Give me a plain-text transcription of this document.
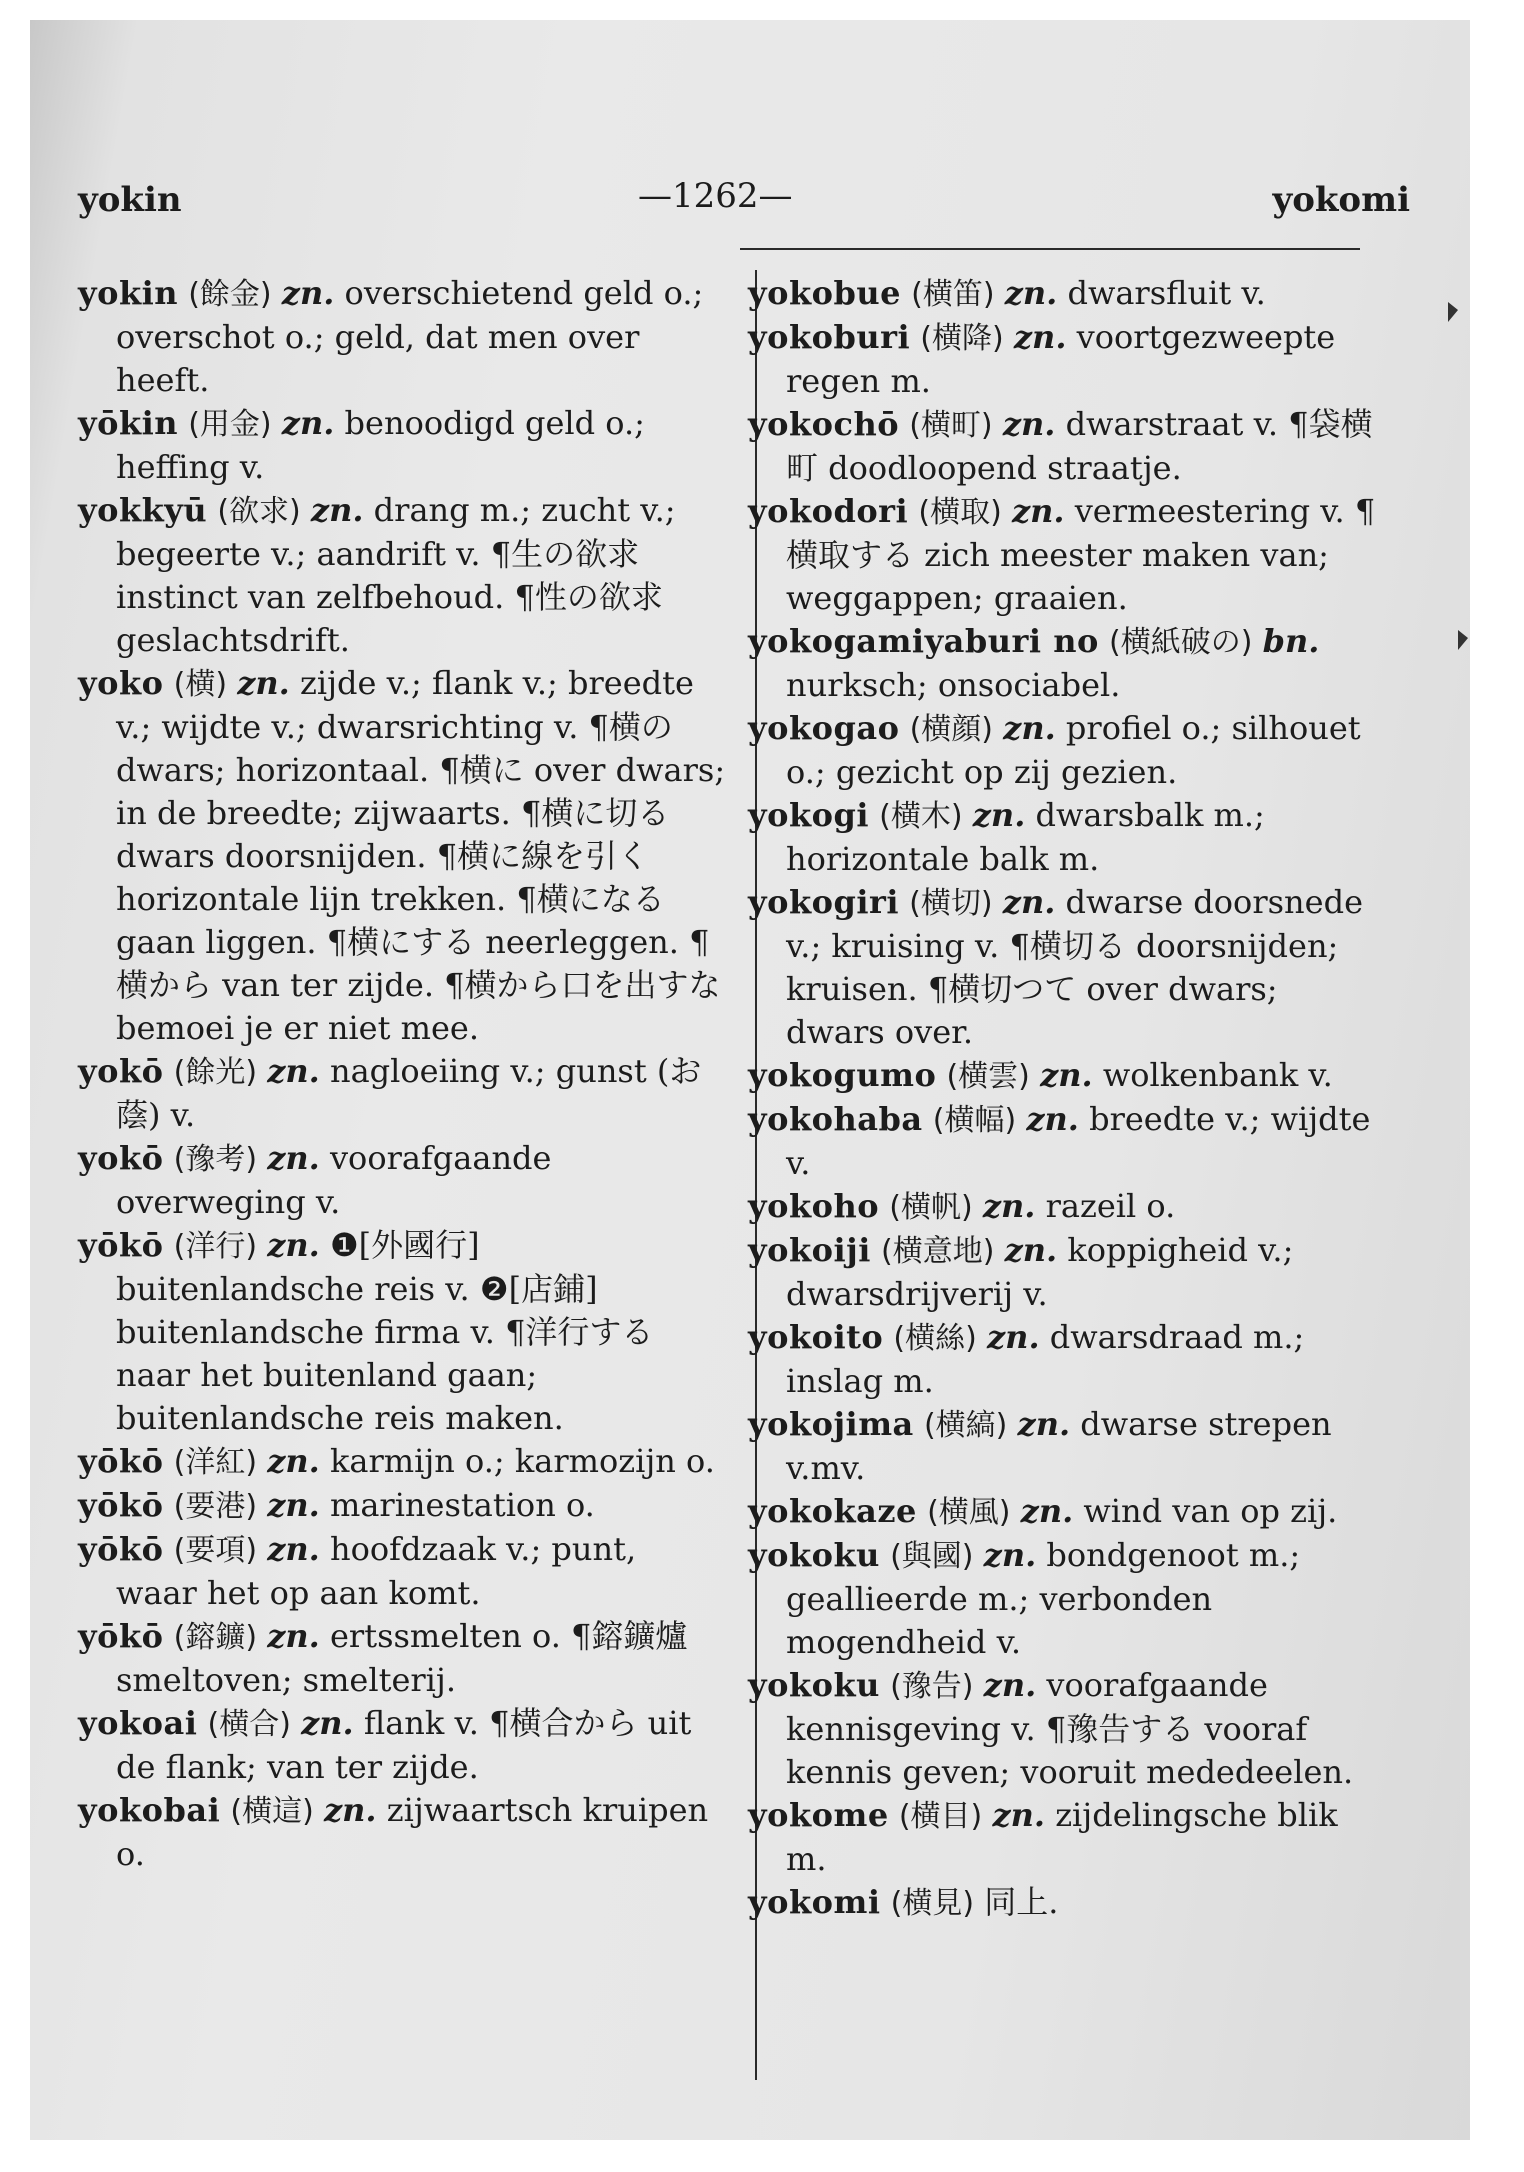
yokin	—1262—	yokomi

yokin (餘金) zn. overschietend geld o.; overschot o.; geld, dat men over heeft.

yōkin (用金) zn. benoodigd geld o.; heffing v.

yokkyū (欲求) zn. drang m.; zucht v.; begeerte v.; aandrift v. ¶生の欲求 instinct van zelfbehoud. ¶性の欲求 geslachtsdrift.

yoko (横) zn. zijde v.; flank v.; breedte v.; wijdte v.; dwarsrichting v. ¶横の dwars; horizontaal. ¶横に over dwars; in de breedte; zijwaarts. ¶横に切る dwars doorsnijden. ¶横に線を引く horizontale lijn trekken. ¶横になる gaan liggen. ¶横にする neerleggen. ¶横から van ter zijde. ¶横から口を出すな bemoei je er niet mee.

yokō (餘光) zn. nagloeiing v.; gunst (お蔭) v.

yokō (豫考) zn. voorafgaande overweging v.

yōkō (洋行) zn. ❶[外國行] buitenlandsche reis v. ❷[店鋪] buitenlandsche firma v. ¶洋行する naar het buitenland gaan; buitenlandsche reis maken.

yōkō (洋紅) zn. karmijn o.; karmozijn o.

yōkō (要港) zn. marinestation o.

yōkō (要項) zn. hoofdzaak v.; punt, waar het op aan komt.

yōkō (鎔鑛) zn. ertssmelten o. ¶鎔鑛爐 smeltoven; smelterij.

yokoai (横合) zn. flank v. ¶横合から uit de flank; van ter zijde.

yokobai (横這) zn. zijwaartsch kruipen o.

yokobue (横笛) zn. dwarsfluit v.

yokoburi (横降) zn. voortgezweepte regen m.

yokochō (横町) zn. dwarstraat v. ¶袋横町 doodloopend straatje.

yokodori (横取) zn. vermeestering v. ¶横取する zich meester maken van; weggappen; graaien.

yokogamiyaburi no (横紙破の) bn. nurksch; onsociabel.

yokogao (横顔) zn. profiel o.; silhouet o.; gezicht op zij gezien.

yokogi (横木) zn. dwarsbalk m.; horizontale balk m.

yokogiri (横切) zn. dwarse doorsnede v.; kruising v. ¶横切る doorsnijden; kruisen. ¶横切つて over dwars; dwars over.

yokogumo (横雲) zn. wolkenbank v.

yokohaba (横幅) zn. breedte v.; wijdte v.

yokoho (横帆) zn. razeil o.

yokoiji (横意地) zn. koppigheid v.; dwarsdrijverij v.

yokoito (横絲) zn. dwarsdraad m.; inslag m.

yokojima (横縞) zn. dwarse strepen v.mv.

yokokaze (横風) zn. wind van op zij.

yokoku (與國) zn. bondgenoot m.; geallieerde m.; verbonden mogendheid v.

yokoku (豫告) zn. voorafgaande kennisgeving v. ¶豫告する vooraf kennis geven; vooruit mededeelen.

yokome (横目) zn. zijdelingsche blik m.

yokomi (横見) 同上.
